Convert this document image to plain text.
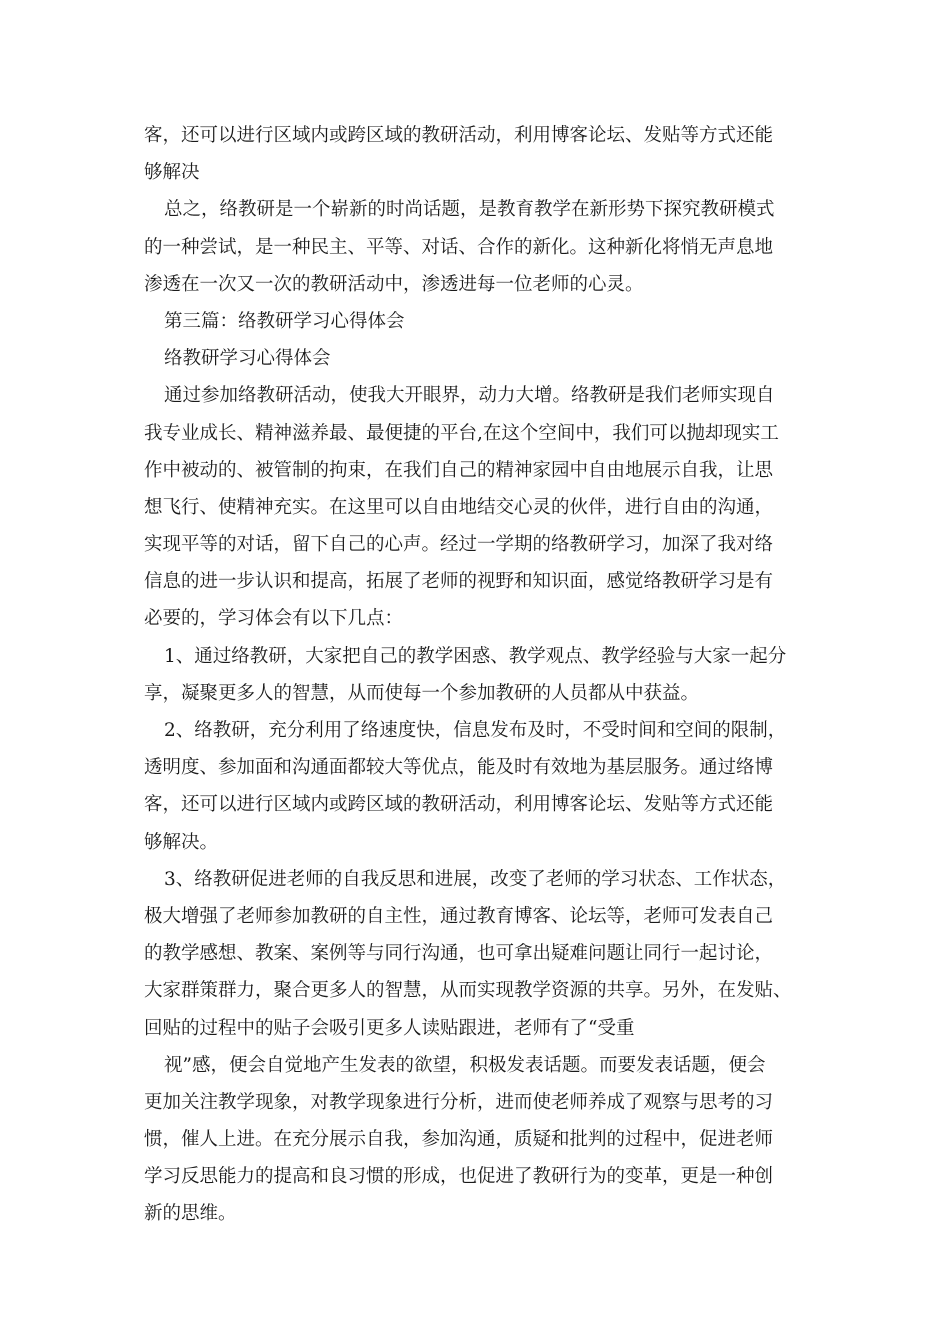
客，还可以进行区域内或跨区域的教研活动，利用博客论坛、发贴等方式还能
够解决
总之，络教研是一个崭新的时尚话题，是教育教学在新形势下探究教研模式
的一种尝试，是一种民主、平等、对话、合作的新化。这种新化将悄无声息地
渗透在一次又一次的教研活动中，渗透进每一位老师的心灵。
第三篇：络教研学习心得体会
络教研学习心得体会
通过参加络教研活动，使我大开眼界，动力大增。络教研是我们老师实现自
我专业成长、精神滋养最、最便捷的平台,在这个空间中，我们可以抛却现实工
作中被动的、被管制的拘束，在我们自己的精神家园中自由地展示自我，让思
想飞行、使精神充实。在这里可以自由地结交心灵的伙伴，进行自由的沟通，
实现平等的对话，留下自己的心声。经过一学期的络教研学习，加深了我对络
信息的进一步认识和提高，拓展了老师的视野和知识面，感觉络教研学习是有
必要的，学习体会有以下几点：
1、通过络教研，大家把自己的教学困惑、教学观点、教学经验与大家一起分
享，凝聚更多人的智慧，从而使每一个参加教研的人员都从中获益。
2、络教研，充分利用了络速度快，信息发布及时，不受时间和空间的限制，
透明度、参加面和沟通面都较大等优点，能及时有效地为基层服务。通过络博
客，还可以进行区域内或跨区域的教研活动，利用博客论坛、发贴等方式还能
够解决。
3、络教研促进老师的自我反思和进展，改变了老师的学习状态、工作状态，
极大增强了老师参加教研的自主性，通过教育博客、论坛等，老师可发表自己
的教学感想、教案、案例等与同行沟通，也可拿出疑难问题让同行一起讨论，
大家群策群力，聚合更多人的智慧，从而实现教学资源的共享。另外，在发贴、
回贴的过程中的贴子会吸引更多人读贴跟进，老师有了“受重
视”感，便会自觉地产生发表的欲望，积极发表话题。而要发表话题，便会
更加关注教学现象，对教学现象进行分析，进而使老师养成了观察与思考的习
惯，催人上进。在充分展示自我，参加沟通，质疑和批判的过程中，促进老师
学习反思能力的提高和良习惯的形成，也促进了教研行为的变革，更是一种创
新的思维。
